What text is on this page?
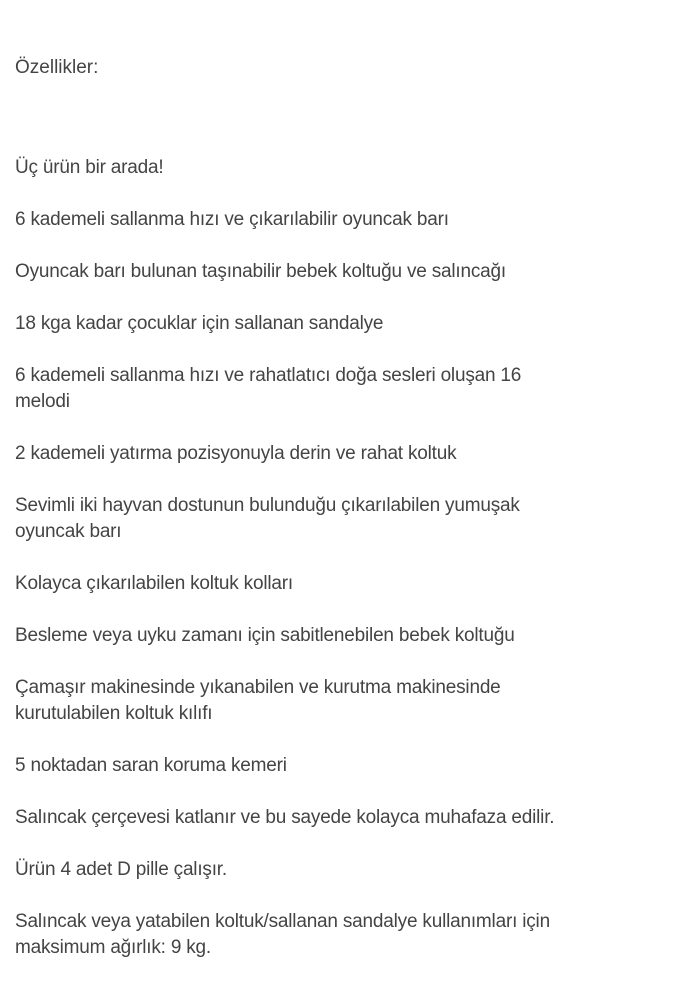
Özellikler:
Üç ürün bir arada!
6 kademeli sallanma hızı ve çıkarılabilir oyuncak barı
Oyuncak barı bulunan taşınabilir bebek koltuğu ve salıncağı
18 kga kadar çocuklar için sallanan sandalye
6 kademeli sallanma hızı ve rahatlatıcı doğa sesleri oluşan 16
melodi
2 kademeli yatırma pozisyonuyla derin ve rahat koltuk
Sevimli iki hayvan dostunun bulunduğu çıkarılabilen yumuşak
oyuncak barı
Kolayca çıkarılabilen koltuk kolları
Besleme veya uyku zamanı için sabitlenebilen bebek koltuğu
Çamaşır makinesinde yıkanabilen ve kurutma makinesinde
kurutulabilen koltuk kılıfı
5 noktadan saran koruma kemeri
Salıncak çerçevesi katlanır ve bu sayede kolayca muhafaza edilir.
Ürün 4 adet D pille çalışır.
Salıncak veya yatabilen koltuk/sallanan sandalye kullanımları için
maksimum ağırlık: 9 kg.
